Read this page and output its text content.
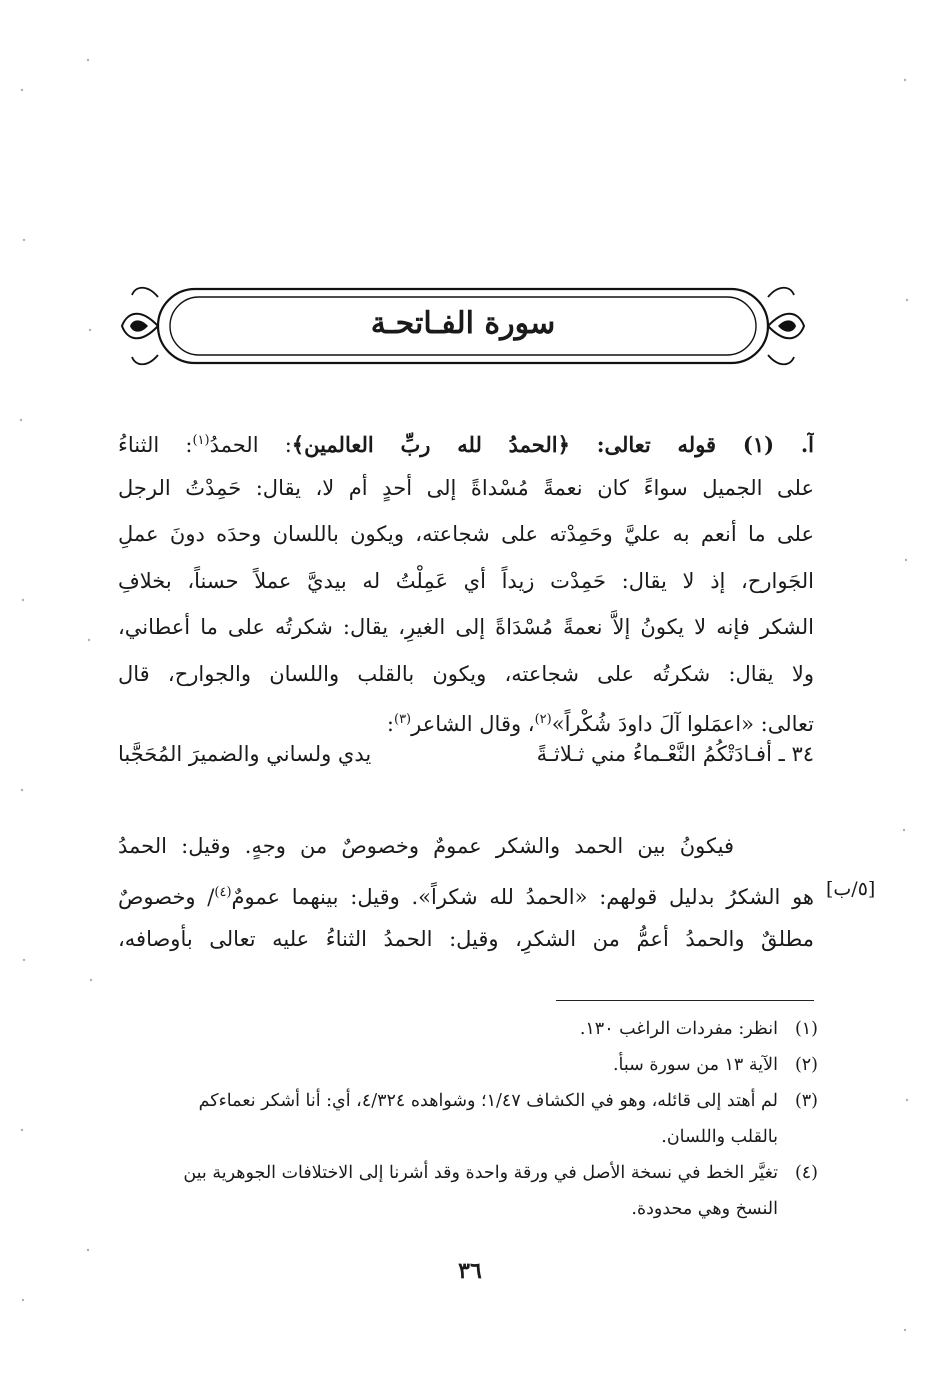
سورة الفـاتحـة
آ. (١) قوله تعالى: ﴿الحمدُ لله ربِّ العالمين﴾: الحمدُ$^{(١)}$: الثناءُ
على الجميل سواءً كان نعمةً مُسْداةً إلى أحدٍ أم لا، يقال: حَمِدْتُ الرجل
على ما أنعم به عليَّ وحَمِدْته على شجاعته، ويكون باللسان وحدَه دونَ عملِ
الجَوارح، إذ لا يقال: حَمِدْت زيداً أي عَمِلْتُ له بيديَّ عملاً حسناً، بخلافِ
الشكر فإنه لا يكونُ إلاَّ نعمةً مُسْدَاةً إلى الغيرِ، يقال: شكرتُه على ما أعطاني،
ولا يقال: شكرتُه على شجاعته، ويكون بالقلب واللسان والجوارح، قال
تعالى: «اعمَلوا آلَ داودَ شُكْراً»$^{(٢)}$، وقال الشاعر$^{(٣)}$:
٣٤ ـ أفـادَتْكُمُ النَّعْـماءُ مني ثـلاثـةً
يدي ولساني والضميرَ المُحَجَّبا
فيكونُ بين الحمد والشكر عمومٌ وخصوصٌ من وجهٍ. وقيل: الحمدُ
هو الشكرُ بدليل قولهم: «الحمدُ لله شكراً». وقيل: بينهما عمومٌ$^{(٤)}$/ وخصوصٌ
مطلقٌ والحمدُ أعمُّ من الشكرِ، وقيل: الحمدُ الثناءُ عليه تعالى بأوصافه،
[٥/ب]
(١)انظر: مفردات الراغب ١٣٠.
(٢)الآية ١٣ من سورة سبأ.
(٣)لم أهتد إلى قائله، وهو في الكشاف ١/٤٧؛ وشواهده ٤/٣٢٤، أي: أنا أشكر نعماءكم
بالقلب واللسان.
(٤)تغيَّر الخط في نسخة الأصل في ورقة واحدة وقد أشرنا إلى الاختلافات الجوهرية بين
النسخ وهي محدودة.
٣٦
